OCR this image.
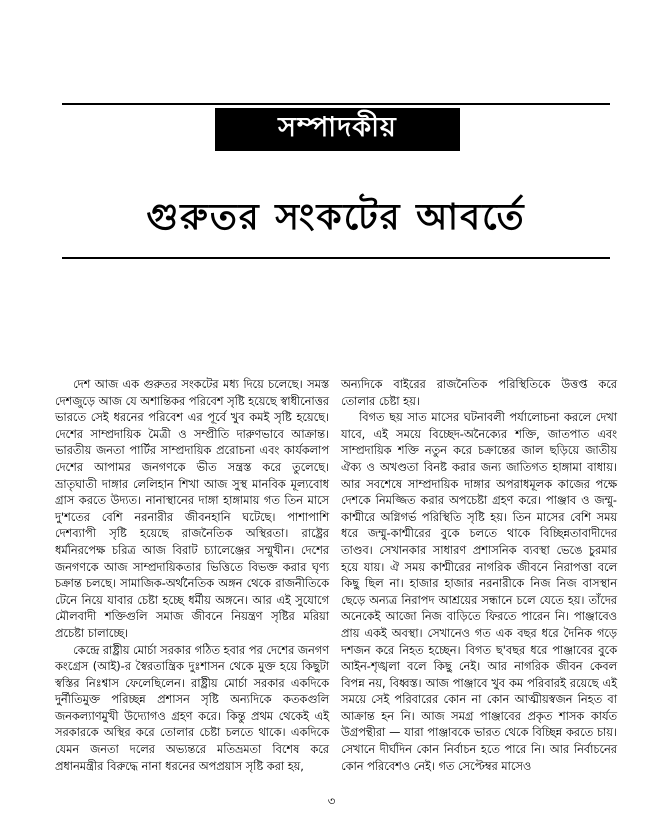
সম্পাদকীয়
গুরুতর সংকটের আবর্তে

দেশ আজ এক গুরুতর সংকটের মধ্য দিয়ে চলেছে। সমস্ত দেশজুড়ে আজ যে অশান্তিকর পরিবেশ সৃষ্টি হয়েছে স্বাধীনোত্তর ভারতে সেই ধরনের পরিবেশ এর পূর্বে খুব কমই সৃষ্টি হয়েছে। দেশের সাম্প্রদায়িক মৈত্রী ও সম্প্রীতি দারুণভাবে আক্রান্ত। ভারতীয় জনতা পার্টির সাম্প্রদায়িক প্ররোচনা এবং কার্যকলাপ দেশের আপামর জনগণকে ভীত সন্ত্রস্ত করে তুলেছে। ভ্রাতৃঘাতী দাঙ্গার লেলিহান শিখা আজ সুস্থ মানবিক মূল্যবোধ গ্রাস করতে উদ্যত। নানাস্থানের দাঙ্গা হাঙ্গামায় গত তিন মাসে দু'শতের বেশি নরনারীর জীবনহানি ঘটেছে। পাশাপাশি দেশব্যাপী সৃষ্টি হয়েছে রাজনৈতিক অস্থিরতা। রাষ্ট্রের ধর্মনিরপেক্ষ চরিত্র আজ বিরাট চ্যালেঞ্জের সম্মুখীন। দেশের জনগণকে আজ সাম্প্রদায়িকতার ভিত্তিতে বিভক্ত করার ঘৃণ্য চক্রান্ত চলছে। সামাজিক-অর্থনৈতিক অঙ্গন থেকে রাজনীতিকে টেনে নিয়ে যাবার চেষ্টা হচ্ছে ধর্মীয় অঙ্গনে। আর এই সুযোগে মৌলবাদী শক্তিগুলি সমাজ জীবনে নিয়ন্ত্রণ সৃষ্টির মরিয়া প্রচেষ্টা চালাচ্ছে।

কেন্দ্রে রাষ্ট্রীয় মোর্চা সরকার গঠিত হবার পর দেশের জনগণ কংগ্রেস (আই)-র স্বৈরতান্ত্রিক দুঃশাসন থেকে মুক্ত হয়ে কিছুটা স্বস্তির নিঃশ্বাস ফেলেছিলেন। রাষ্ট্রীয় মোর্চা সরকার একদিকে দুর্নীতিমুক্ত পরিচ্ছন্ন প্রশাসন সৃষ্টি অন্যদিকে কতকগুলি জনকল্যাণমুখী উদ্যোগও গ্রহণ করে। কিন্তু প্রথম থেকেই এই সরকারকে অস্থির করে তোলার চেষ্টা চলতে থাকে। একদিকে যেমন জনতা দলের অভ্যন্তরে মতিভ্রমতা বিশেষ করে প্রধানমন্ত্রীর বিরুদ্ধে নানা ধরনের অপপ্রয়াস সৃষ্টি করা হয়,

অন্যদিকে বাইরের রাজনৈতিক পরিস্থিতিকে উত্তপ্ত করে তোলার চেষ্টা হয়।

বিগত ছয় সাত মাসের ঘটনাবলী পর্যালোচনা করলে দেখা যাবে, এই সময়ে বিচ্ছেদ-অনৈক্যের শক্তি, জাতপাত এবং সাম্প্রদায়িক শক্তি নতুন করে চক্রান্তের জাল ছড়িয়ে জাতীয় ঐক্য ও অখণ্ডতা বিনষ্ট করার জন্য জাতিগত হাঙ্গামা বাধায়। আর সবশেষে সাম্প্রদায়িক দাঙ্গার অপরাধমূলক কাজের পক্ষে দেশকে নিমজ্জিত করার অপচেষ্টা গ্রহণ করে। পাঞ্জাব ও জম্মু-কাশ্মীরে অগ্নিগর্ভ পরিস্থিতি সৃষ্টি হয়। তিন মাসের বেশি সময় ধরে জম্মু-কাশ্মীরের বুকে চলতে থাকে বিচ্ছিন্নতাবাদীদের তাণ্ডব। সেখানকার সাধারণ প্রশাসনিক ব্যবস্থা ভেঙে চুরমার হয়ে যায়। ঐ সময় কাশ্মীরের নাগরিক জীবনে নিরাপত্তা বলে কিছু ছিল না। হাজার হাজার নরনারীকে নিজ নিজ বাসস্থান ছেড়ে অন্যত্র নিরাপদ আশ্রয়ের সন্ধানে চলে যেতে হয়। তাঁদের অনেকেই আজো নিজ বাড়িতে ফিরতে পারেন নি। পাঞ্জাবেও প্রায় একই অবস্থা। সেখানেও গত এক বছর ধরে দৈনিক গড়ে দশজন করে নিহত হচ্ছেন। বিগত ছ'বছর ধরে পাঞ্জাবের বুকে আইন-শৃঙ্খলা বলে কিছু নেই। আর নাগরিক জীবন কেবল বিপন্ন নয়, বিধ্বস্ত। আজ পাঞ্জাবে খুব কম পরিবারই রয়েছে এই সময়ে সেই পরিবারের কোন না কোন আত্মীয়স্বজন নিহত বা আক্রান্ত হন নি। আজ সমগ্র পাঞ্জাবের প্রকৃত শাসক কার্যত উগ্রপন্থীরা — যারা পাঞ্জাবকে ভারত থেকে বিচ্ছিন্ন করতে চায়। সেখানে দীর্ঘদিন কোন নির্বাচন হতে পারে নি। আর নির্বাচনের কোন পরিবেশও নেই। গত সেপ্টেম্বর মাসেও

৩
